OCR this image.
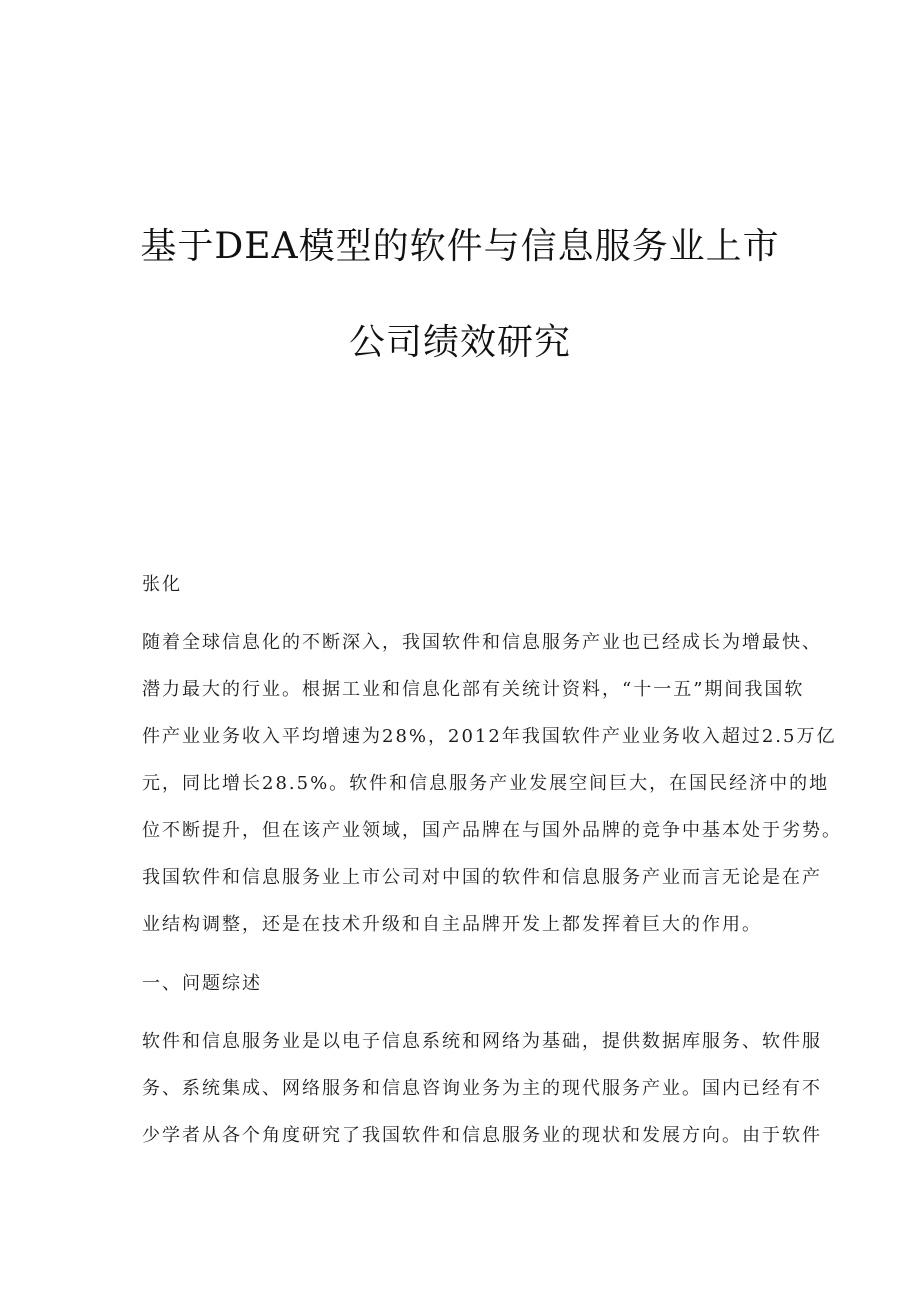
基于DEA模型的软件与信息服务业上市
公司绩效研究
张化
随着全球信息化的不断深入，我国软件和信息服务产业也已经成长为增最快、
潜力最大的行业。根据工业和信息化部有关统计资料，“十一五”期间我国软
件产业业务收入平均增速为28%，2012年我国软件产业业务收入超过2.5万亿
元，同比增长28.5%。软件和信息服务产业发展空间巨大，在国民经济中的地
位不断提升，但在该产业领域，国产品牌在与国外品牌的竞争中基本处于劣势。
我国软件和信息服务业上市公司对中国的软件和信息服务产业而言无论是在产
业结构调整，还是在技术升级和自主品牌开发上都发挥着巨大的作用。
一、问题综述
软件和信息服务业是以电子信息系统和网络为基础，提供数据库服务、软件服
务、系统集成、网络服务和信息咨询业务为主的现代服务产业。国内已经有不
少学者从各个角度研究了我国软件和信息服务业的现状和发展方向。由于软件
